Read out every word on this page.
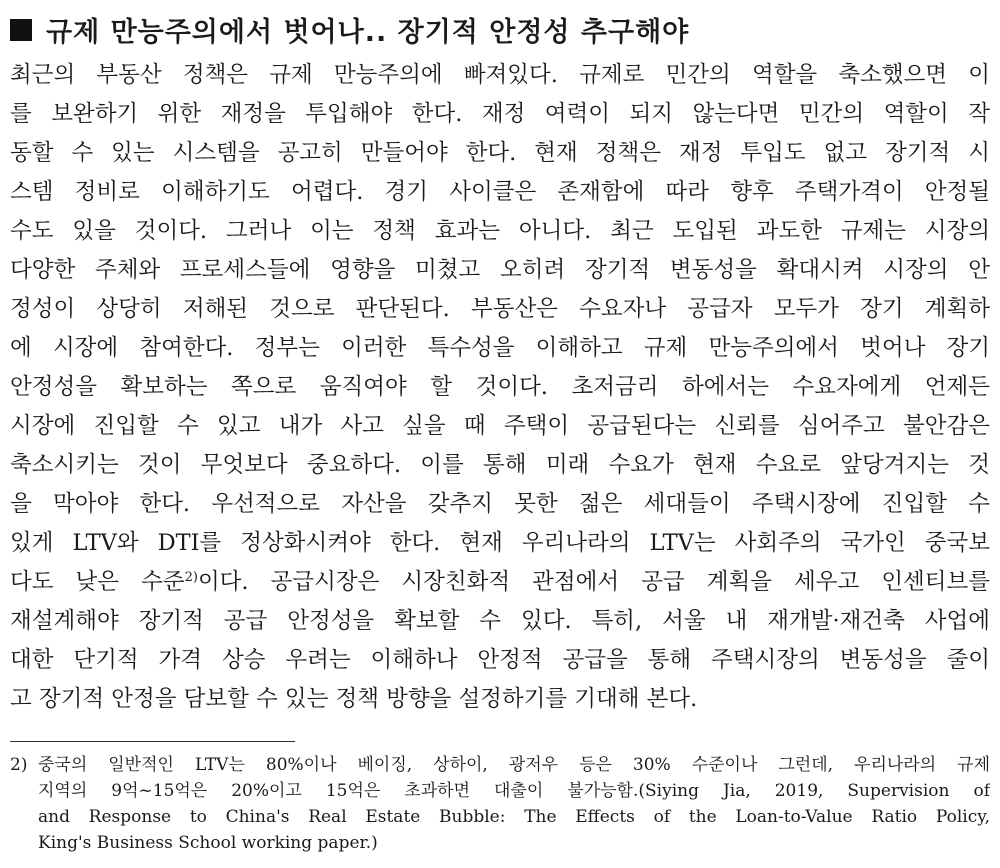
규제 만능주의에서 벗어나.. 장기적 안정성 추구해야
최근의 부동산 정책은 규제 만능주의에 빠져있다. 규제로 민간의 역할을 축소했으면 이
를 보완하기 위한 재정을 투입해야 한다. 재정 여력이 되지 않는다면 민간의 역할이 작
동할 수 있는 시스템을 공고히 만들어야 한다. 현재 정책은 재정 투입도 없고 장기적 시
스템 정비로 이해하기도 어렵다. 경기 사이클은 존재함에 따라 향후 주택가격이 안정될
수도 있을 것이다. 그러나 이는 정책 효과는 아니다. 최근 도입된 과도한 규제는 시장의
다양한 주체와 프로세스들에 영향을 미쳤고 오히려 장기적 변동성을 확대시켜 시장의 안
정성이 상당히 저해된 것으로 판단된다. 부동산은 수요자나 공급자 모두가 장기 계획하
에 시장에 참여한다. 정부는 이러한 특수성을 이해하고 규제 만능주의에서 벗어나 장기
안정성을 확보하는 쪽으로 움직여야 할 것이다. 초저금리 하에서는 수요자에게 언제든
시장에 진입할 수 있고 내가 사고 싶을 때 주택이 공급된다는 신뢰를 심어주고 불안감은
축소시키는 것이 무엇보다 중요하다. 이를 통해 미래 수요가 현재 수요로 앞당겨지는 것
을 막아야 한다. 우선적으로 자산을 갖추지 못한 젊은 세대들이 주택시장에 진입할 수
있게 LTV와 DTI를 정상화시켜야 한다. 현재 우리나라의 LTV는 사회주의 국가인 중국보
다도 낮은 수준$^{2)}$이다. 공급시장은 시장친화적 관점에서 공급 계획을 세우고 인센티브를
재설계해야 장기적 공급 안정성을 확보할 수 있다. 특히, 서울 내 재개발·재건축 사업에
대한 단기적 가격 상승 우려는 이해하나 안정적 공급을 통해 주택시장의 변동성을 줄이
고 장기적 안정을 담보할 수 있는 정책 방향을 설정하기를 기대해 본다.
2) 중국의 일반적인 LTV는 80%이나 베이징, 상하이, 광저우 등은 30% 수준이나 그런데, 우리나라의 규제
지역의 9억~15억은 20%이고 15억은 초과하면 대출이 불가능함.(Siying Jia, 2019, Supervision of
and Response to China's Real Estate Bubble: The Effects of the Loan-to-Value Ratio Policy,
King's Business School working paper.)
